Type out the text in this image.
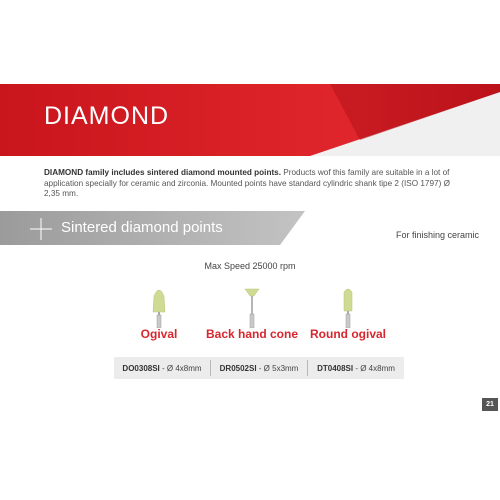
DIAMOND

DIAMOND family includes sintered diamond mounted points. Products wof this family are suitable in a lot of application specially for ceramic and zirconia. Mounted points have standard cylindric shank tipe 2 (ISO 1797) Ø 2,35 mm.

Sintered diamond points	For finishing ceramic
Max Speed 25000 rpm
Ogival	Back hand cone Round ogival
DO0308SI - Ø 4x8mm	DR0502SI - Ø 5x3mm	DT0408SI - Ø 4x8mm
21
